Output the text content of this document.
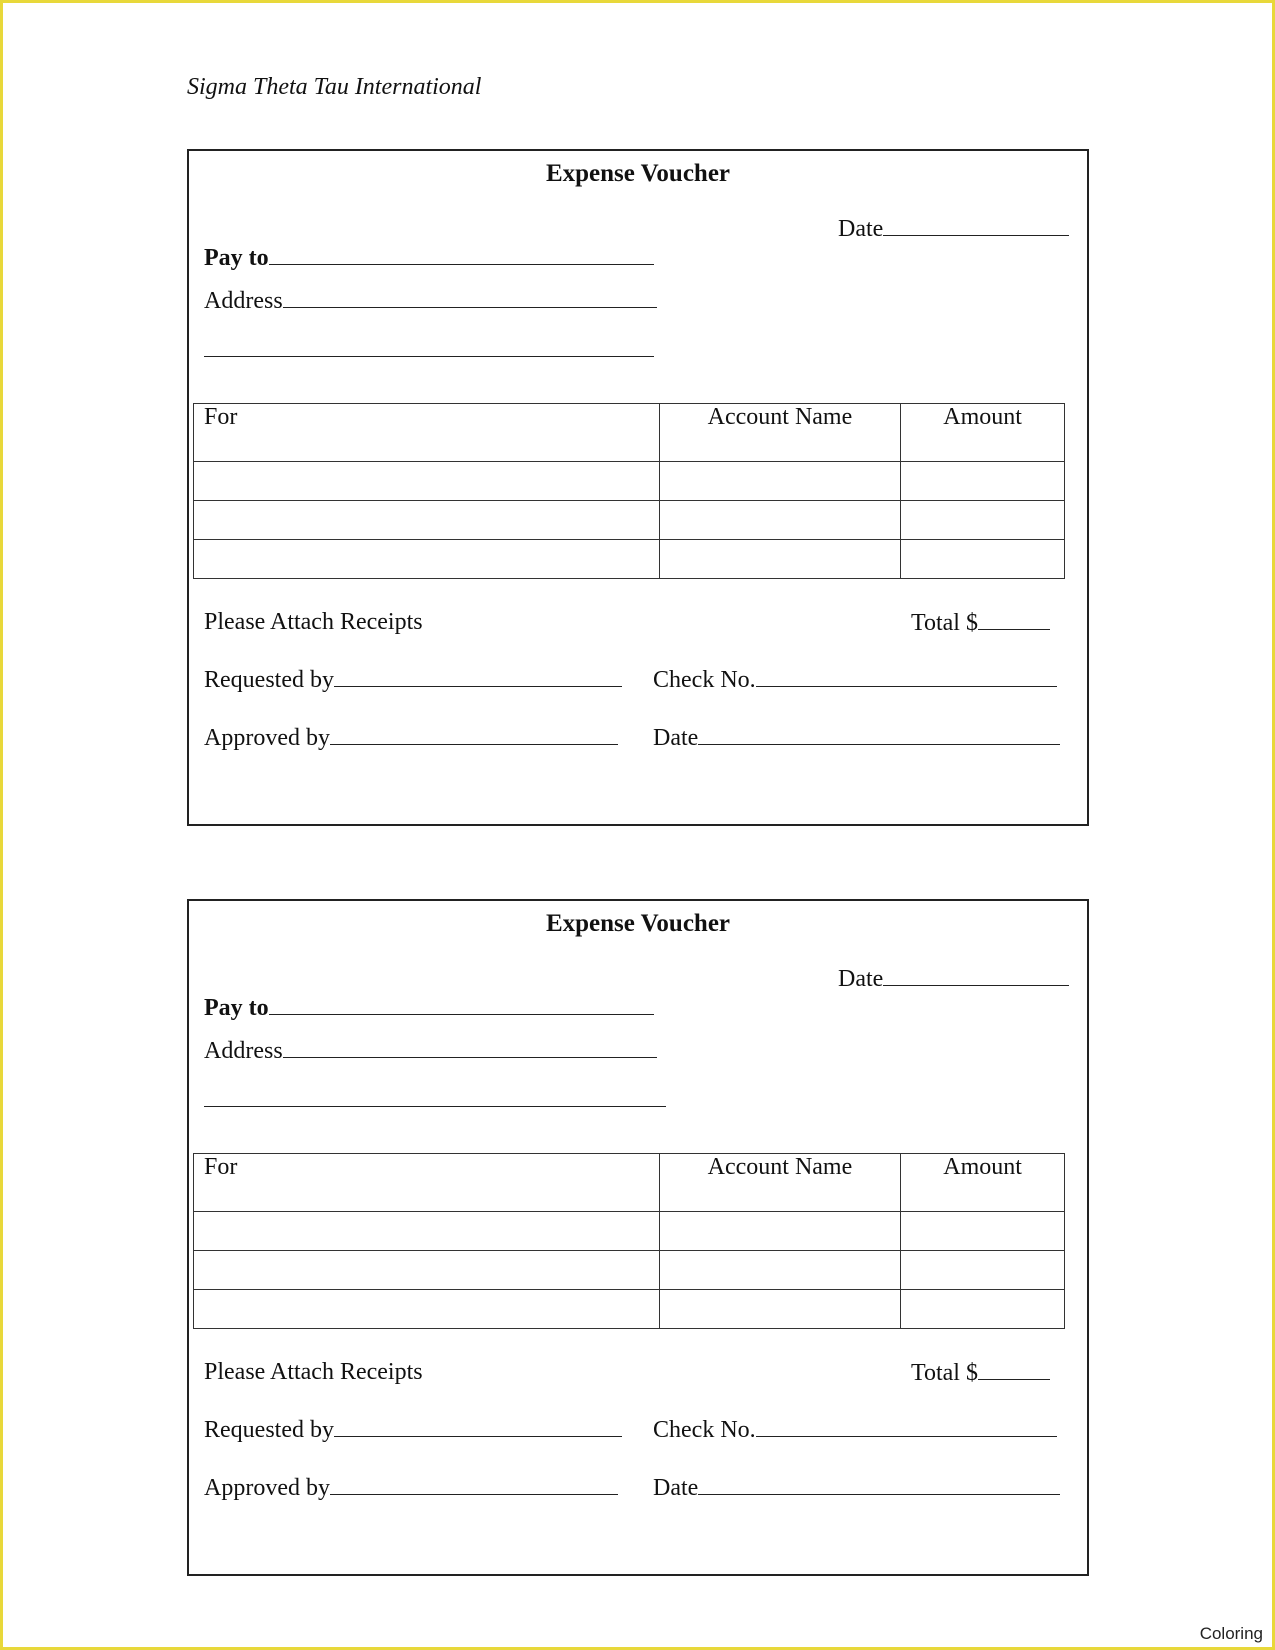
Sigma Theta Tau International
Expense Voucher
Date
Pay to
Address
For	Account Name	Amount

Please Attach Receipts	Total $
Requested by	Check No.
Approved by	Date
Expense Voucher
Date
Pay to
Address
For	Account Name	Amount

Please Attach Receipts	Total $
Requested by	Check No.
Approved by	Date
Coloring
